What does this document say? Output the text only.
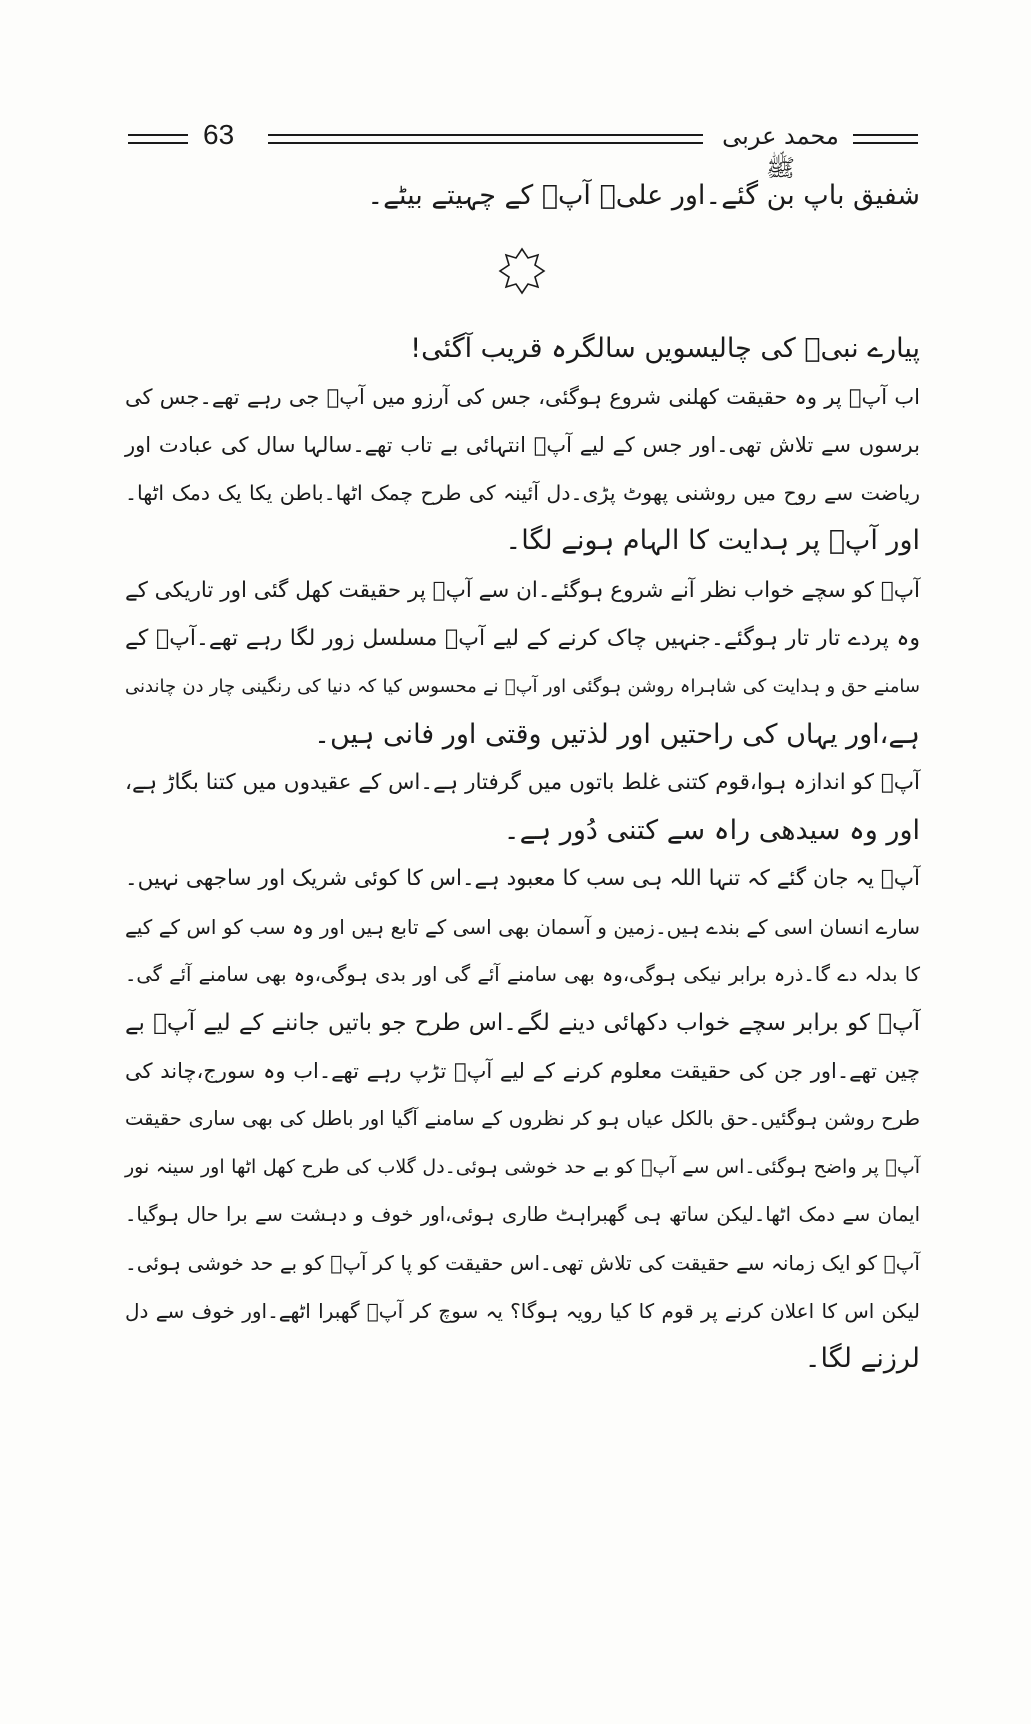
63	محمد عربی ﷺ
شفیق باپ بن گئے۔اور علیؓ آپؐ کے چہیتے بیٹے۔
پیارے نبیؐ کی چالیسویں سالگرہ قریب آگئی!
اب آپؐ پر وہ حقیقت کھلنی شروع ہوگئی، جس کی آرزو میں آپؐ جی رہے تھے۔جس کی
برسوں سے تلاش تھی۔اور جس کے لیے آپؐ انتہائی بے تاب تھے۔سالہا سال کی عبادت اور
ریاضت سے روح میں روشنی پھوٹ پڑی۔دل آئینہ کی طرح چمک اٹھا۔باطن یکا یک دمک اٹھا۔
اور آپؐ پر ہدایت کا الہام ہونے لگا۔
آپؐ کو سچے خواب نظر آنے شروع ہوگئے۔ان سے آپؐ پر حقیقت کھل گئی اور تاریکی کے
وہ پردے تار تار ہوگئے۔جنہیں چاک کرنے کے لیے آپؐ مسلسل زور لگا رہے تھے۔آپؐ کے
سامنے حق و ہدایت کی شاہراہ روشن ہوگئی اور آپؐ نے محسوس کیا کہ دنیا کی رنگینی چار دن چاندنی
ہے،اور یہاں کی راحتیں اور لذتیں وقتی اور فانی ہیں۔
آپؐ کو اندازہ ہوا،قوم کتنی غلط باتوں میں گرفتار ہے۔اس کے عقیدوں میں کتنا بگاڑ ہے،
اور وہ سیدھی راہ سے کتنی دُور ہے۔
آپؐ یہ جان گئے کہ تنہا اللہ ہی سب کا معبود ہے۔اس کا کوئی شریک اور ساجھی نہیں۔
سارے انسان اسی کے بندے ہیں۔زمین و آسمان بھی اسی کے تابع ہیں اور وہ سب کو اس کے کیے
کا بدلہ دے گا۔ذرہ برابر نیکی ہوگی،وہ بھی سامنے آئے گی اور بدی ہوگی،وہ بھی سامنے آئے گی۔
آپؐ کو برابر سچے خواب دکھائی دینے لگے۔اس طرح جو باتیں جاننے کے لیے آپؐ بے
چین تھے۔اور جن کی حقیقت معلوم کرنے کے لیے آپؐ تڑپ رہے تھے۔اب وہ سورج،چاند کی
طرح روشن ہوگئیں۔حق بالکل عیاں ہو کر نظروں کے سامنے آگیا اور باطل کی بھی ساری حقیقت
آپؐ پر واضح ہوگئی۔اس سے آپؐ کو بے حد خوشی ہوئی۔دل گلاب کی طرح کھل اٹھا اور سینہ نور
ایمان سے دمک اٹھا۔لیکن ساتھ ہی گھبراہٹ طاری ہوئی،اور خوف و دہشت سے برا حال ہوگیا۔
آپؐ کو ایک زمانہ سے حقیقت کی تلاش تھی۔اس حقیقت کو پا کر آپؐ کو بے حد خوشی ہوئی۔
لیکن اس کا اعلان کرنے پر قوم کا کیا رویہ ہوگا؟ یہ سوچ کر آپؐ گھبرا اٹھے۔اور خوف سے دل
لرزنے لگا۔
